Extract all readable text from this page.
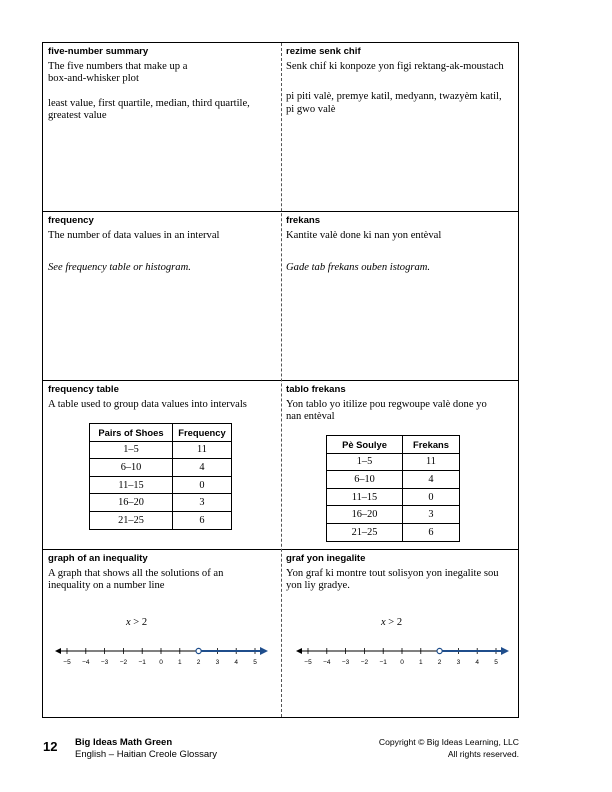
five-number summary

The five numbers that make up a

box-and-whisker plot

least value, first quartile, median, third quartile,

greatest value

rezime senk chif

Senk chif ki konpoze yon figi rektang-ak-moustach

pi piti valè, premye katil, medyann, twazyèm katil,

pi gwo valè

frequency

The number of data values in an interval

See frequency table or histogram.

frekans

Kantite valè done ki nan yon entèval

Gade tab frekans ouben istogram.

frequency table

A table used to group data values into intervals

Pairs of Shoes	Frequency
1–5	11
6–10	4
11–15	0
16–20	3
21–25	6
tablo frekans

Yon tablo yo itilize pou regwoupe valè done yo

nan entèval

Pè Soulye	Frekans
1–5	11
6–10	4
11–15	0
16–20	3
21–25	6
graph of an inequality

A graph that shows all the solutions of an

inequality on a number line

x > 2
−5 −4 −3 −2 −1 0 1 2 3 4 5
graf yon inegalite

Yon graf ki montre tout solisyon yon inegalite sou

yon liy gradye.

x > 2
−5 −4 −3 −2 −1 0 1 2 3 4 5
12 Big Ideas Math Green
English – Haitian Creole Glossary
Copyright © Big Ideas Learning, LLC
All rights reserved.
